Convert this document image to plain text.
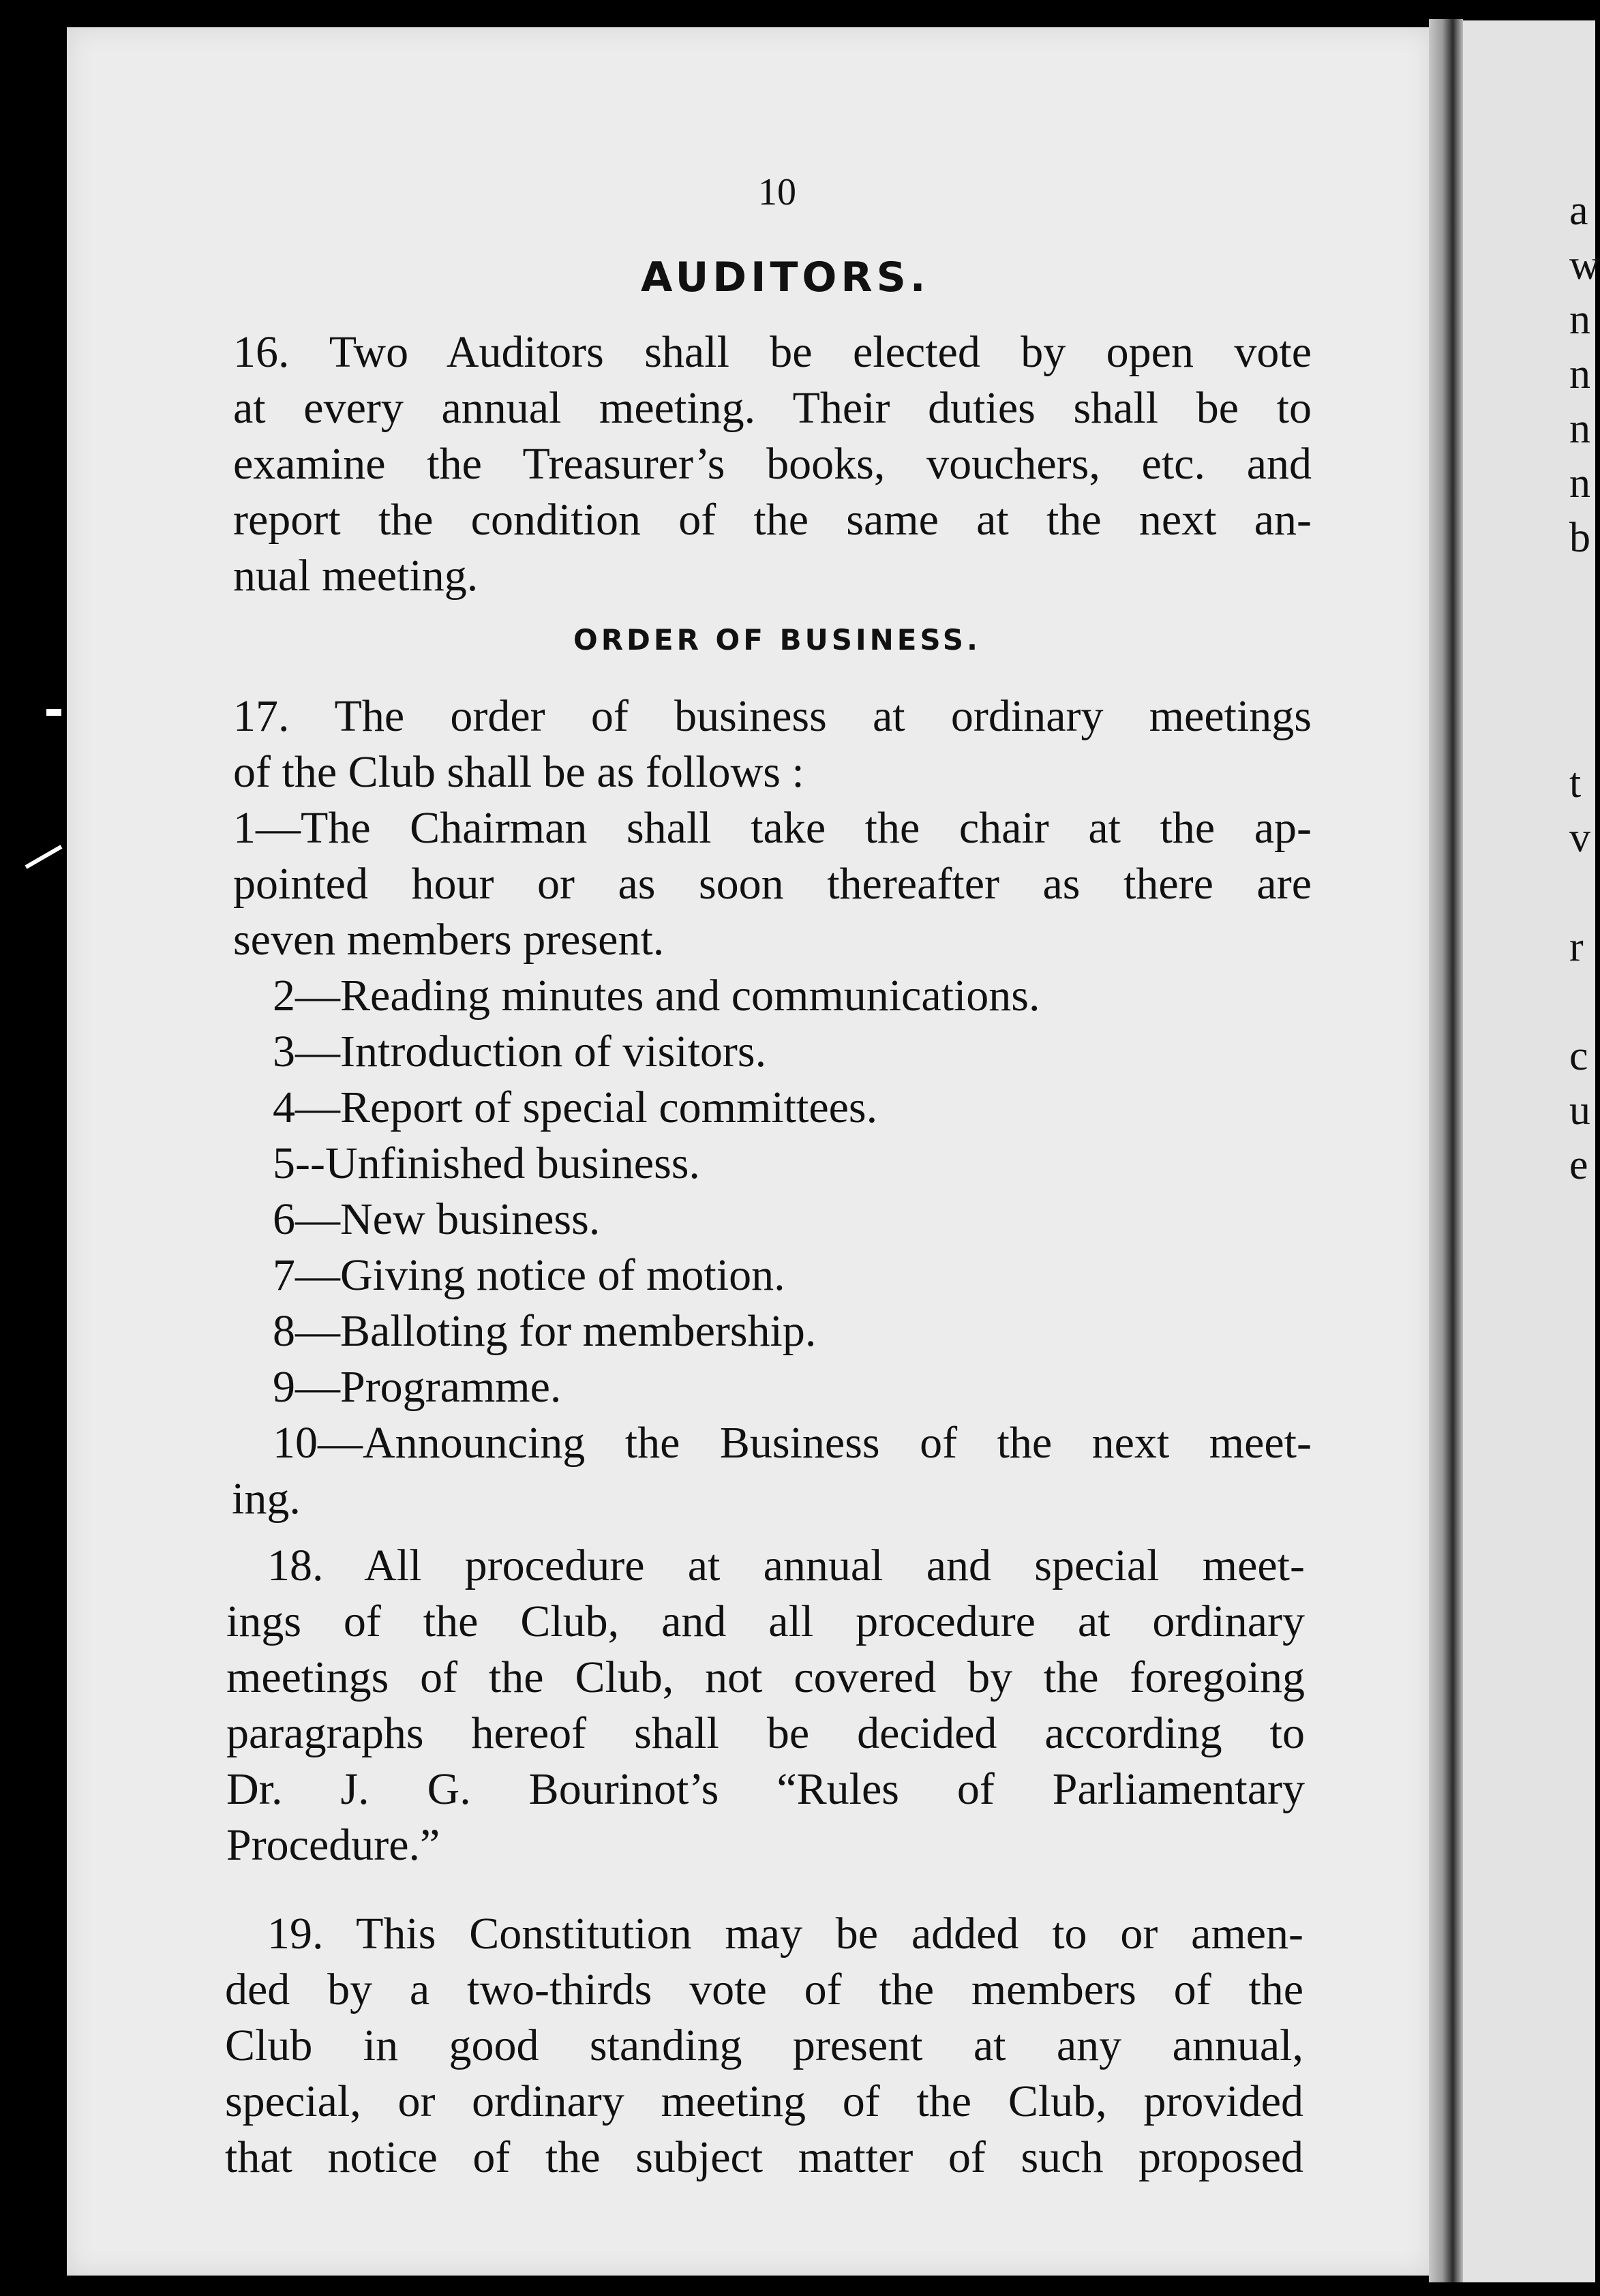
10
AUDITORS.
16. Two Auditors shall be elected by open vote
at every annual meeting. Their duties shall be to
examine the Treasurer’s books, vouchers, etc. and
report the condition of the same at the next an-
nual meeting.
ORDER OF BUSINESS.
17. The order of business at ordinary meetings
of the Club shall be as follows :
1—The Chairman shall take the chair at the ap-
pointed hour or as soon thereafter as there are
seven members present.
2—Reading minutes and communications.
3—Introduction of visitors.
4—Report of special committees.
5--Unfinished business.
6—New business.
7—Giving notice of motion.
8—Balloting for membership.
9—Programme.
10—Announcing the Business of the next meet-
ing.
18. All procedure at annual and special meet-
ings of the Club, and all procedure at ordinary
meetings of the Club, not covered by the foregoing
paragraphs hereof shall be decided according to
Dr. J. G. Bourinot’s “Rules of Parliamentary
Procedure.”
19. This Constitution may be added to or amen-
ded by a two-thirds vote of the members of the
Club in good standing present at any annual,
special, or ordinary meeting of the Club, provided
that notice of the subject matter of such proposed
a
w
n
n
n
n
b
t
v
r
c
u
e
